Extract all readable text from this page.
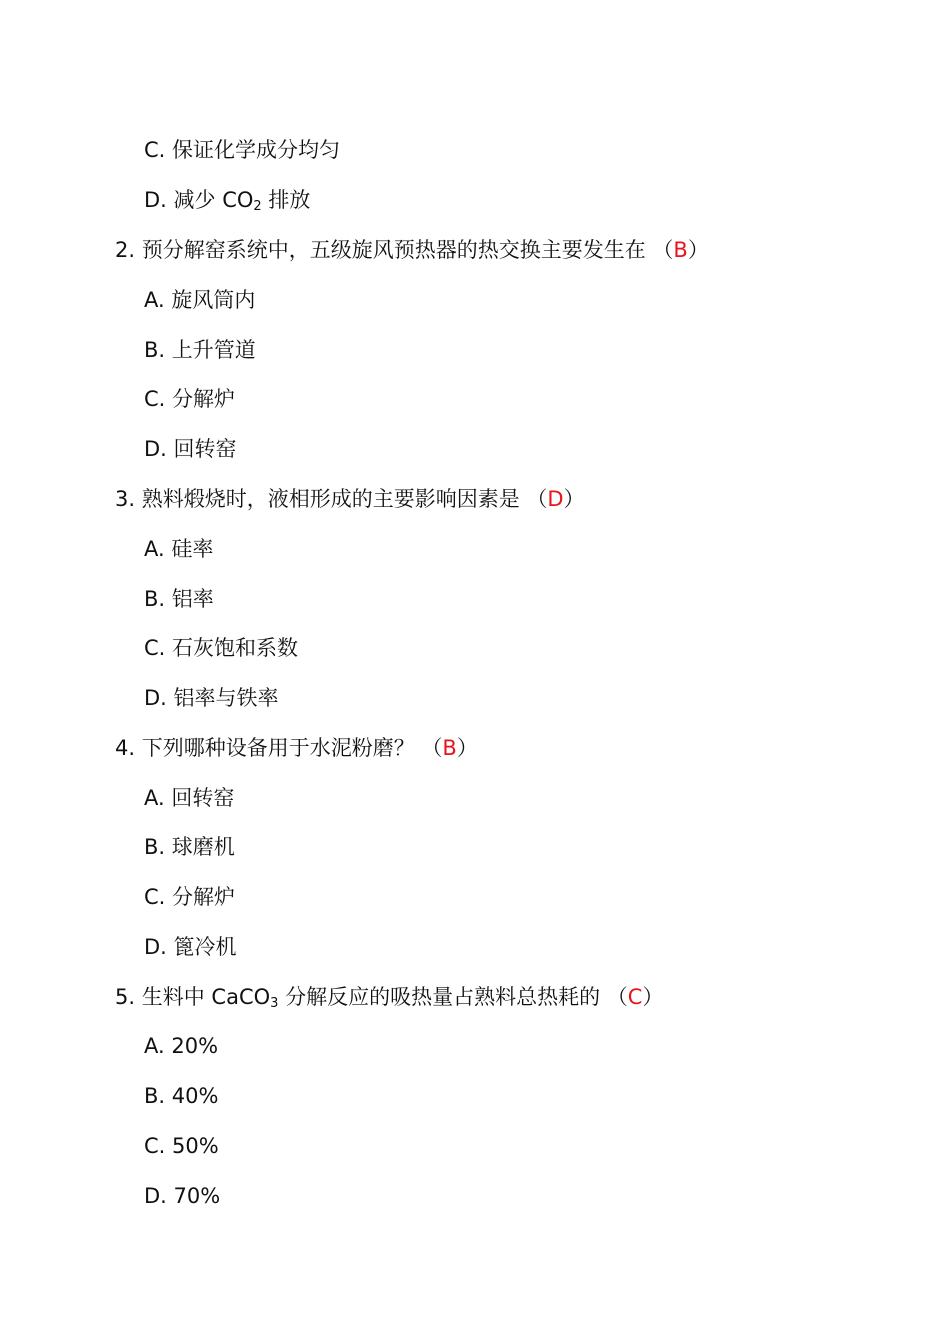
C. 保证化学成分均匀
D. 减少 $CO_2$ 排放
2. 预分解窑系统中，五级旋风预热器的热交换主要发生在 （B）
A. 旋风筒内
B. 上升管道
C. 分解炉
D. 回转窑
3. 熟料煅烧时，液相形成的主要影响因素是 （D）
A. 硅率
B. 铝率
C. 石灰饱和系数
D. 铝率与铁率
4. 下列哪种设备用于水泥粉磨？ （B）
A. 回转窑
B. 球磨机
C. 分解炉
D. 篦冷机
5. 生料中 CaCO$_3$ 分解反应的吸热量占熟料总热耗的 （C）
A. 20%
B. 40%
C. 50%
D. 70%
